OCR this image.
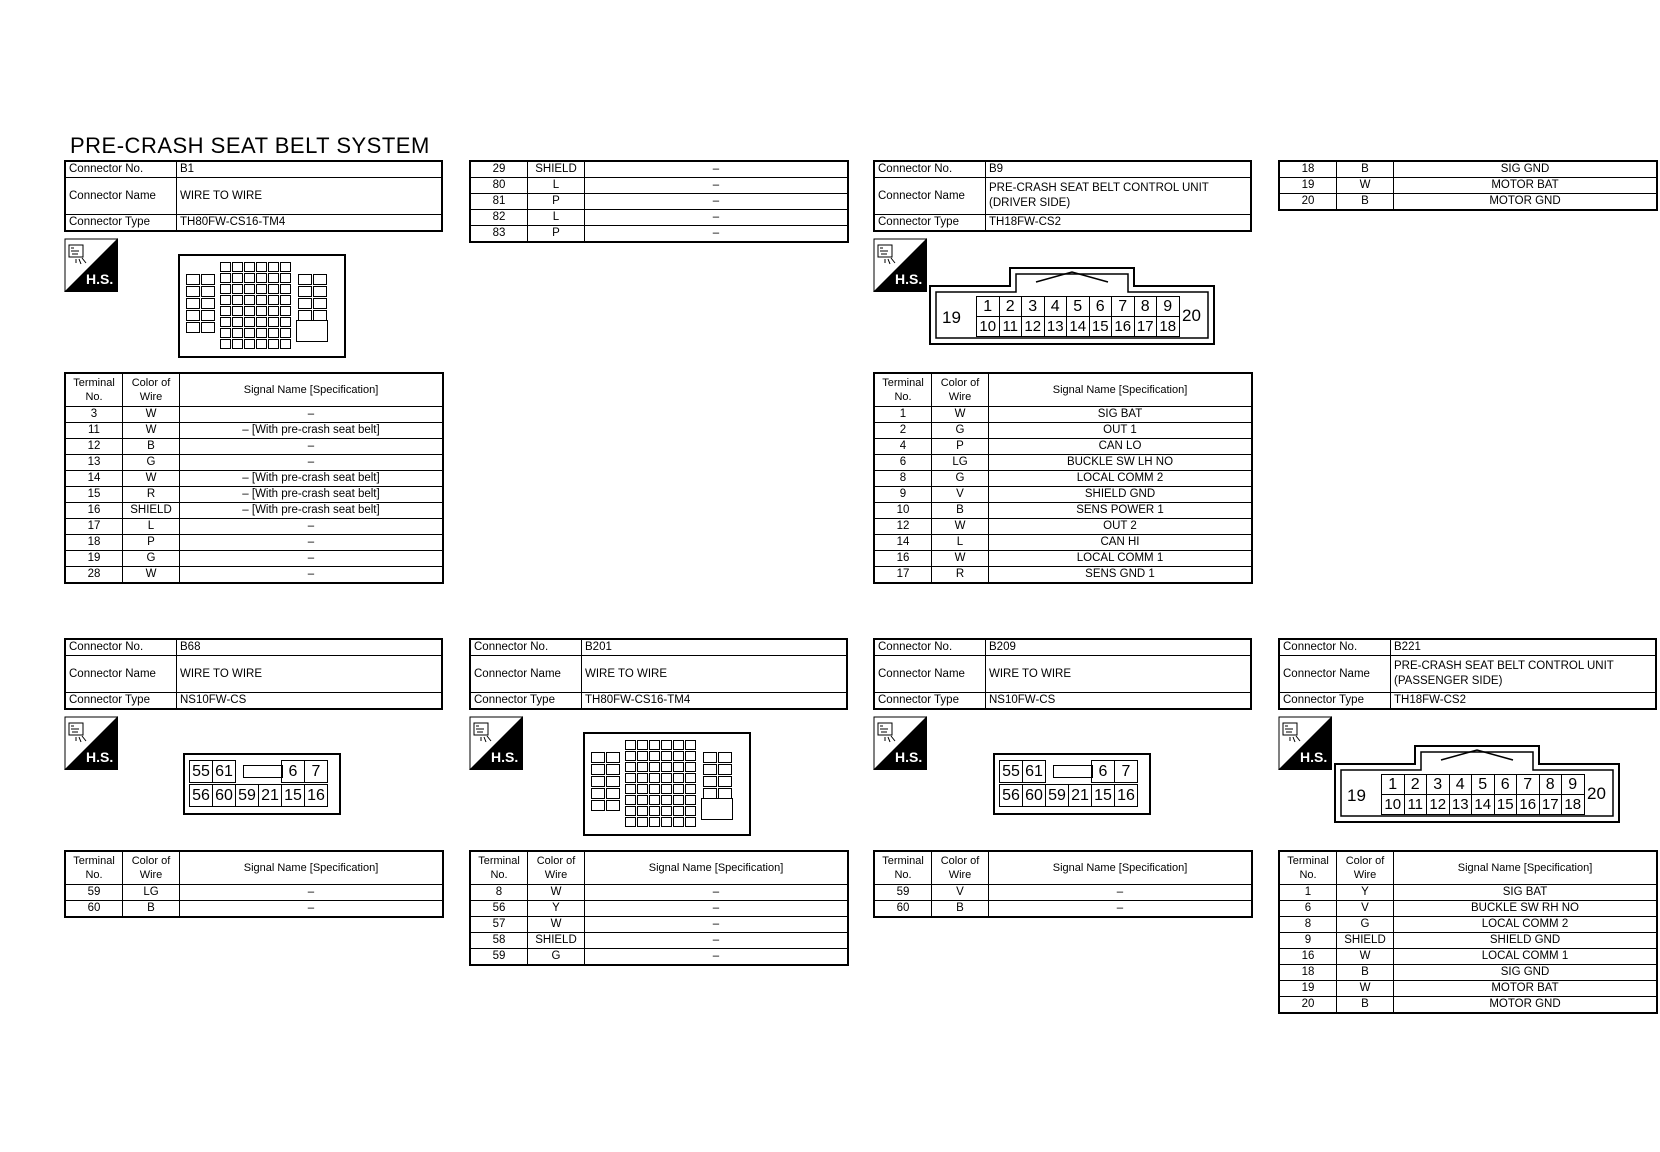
PRE-CRASH SEAT BELT SYSTEM
Connector No.	B1
Connector Name	WIRE TO WIRE
Connector Type	TH80FW-CS16-TM4
H.S.
Terminal No.	Color of Wire	Signal Name [Specification]
3	W	–
11	W	– [With pre-crash seat belt]
12	B	–
13	G	–
14	W	– [With pre-crash seat belt]
15	R	– [With pre-crash seat belt]
16	SHIELD	– [With pre-crash seat belt]
17	L	–
18	P	–
19	G	–
28	W	–
29	SHIELD	–
80	L	–
81	P	–
82	L	–
83	P	–
Connector No.	B9
Connector Name	PRE-CRASH SEAT BELT CONTROL UNIT (DRIVER SIDE)
Connector Type	TH18FW-CS2
H.S.
1 2 3 4 5 6 7 8 9
10 11 12 13 14 15 16 17 18
19	20
Terminal No.	Color of Wire	Signal Name [Specification]
1	W	SIG BAT
2	G	OUT 1
4	P	CAN LO
6	LG	BUCKLE SW LH NO
8	G	LOCAL COMM 2
9	V	SHIELD GND
10	B	SENS POWER 1
12	W	OUT 2
14	L	CAN HI
16	W	LOCAL COMM 1
17	R	SENS GND 1
18	B	SIG GND
19	W	MOTOR BAT
20	B	MOTOR GND
Connector No.	B68
Connector Name	WIRE TO WIRE
Connector Type	NS10FW-CS
H.S.
55 61	6 7
56 60 59 21 15 16
Terminal No.	Color of Wire	Signal Name [Specification]
59	LG	–
60	B	–
Connector No.	B201
Connector Name	WIRE TO WIRE
Connector Type	TH80FW-CS16-TM4
H.S.
Terminal No.	Color of Wire	Signal Name [Specification]
8	W	–
56	Y	–
57	W	–
58	SHIELD	–
59	G	–
Connector No.	B209
Connector Name	WIRE TO WIRE
Connector Type	NS10FW-CS
H.S.
55 61	6 7
56 60 59 21 15 16
Terminal No.	Color of Wire	Signal Name [Specification]
59	V	–
60	B	–
Connector No.	B221
Connector Name	PRE-CRASH SEAT BELT CONTROL UNIT (PASSENGER SIDE)
Connector Type	TH18FW-CS2
H.S.
1 2 3 4 5 6 7 8 9
10 11 12 13 14 15 16 17 18
19	20
Terminal No.	Color of Wire	Signal Name [Specification]
1	Y	SIG BAT
6	V	BUCKLE SW RH NO
8	G	LOCAL COMM 2
9	SHIELD	SHIELD GND
16	W	LOCAL COMM 1
18	B	SIG GND
19	W	MOTOR BAT
20	B	MOTOR GND
